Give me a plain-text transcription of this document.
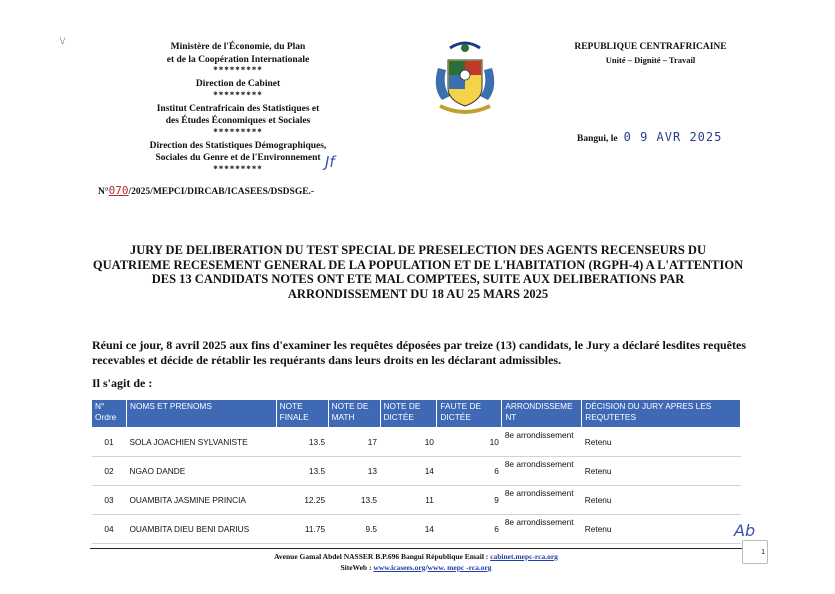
\/
Ministère de l'Économie, du Plan
et de la Coopération Internationale
*********
Direction de Cabinet
*********
Institut Centrafricain des Statistiques et
des Études Économiques et Sociales
*********
Direction des Statistiques Démographiques,
Sociales du Genre et de l'Environnement
*********	Jf
REPUBLIQUE CENTRAFRICAINE
Unité – Dignité – Travail
Bangui, le 0 9 AVR 2025
N°070/2025/MEPCI/DIRCAB/ICASEES/DSDSGE.-
JURY DE DELIBERATION DU TEST SPECIAL DE PRESELECTION DES AGENTS RECENSEURS DU QUATRIEME RECESEMENT GENERAL DE LA POPULATION ET DE L'HABITATION (RGPH-4) A L'ATTENTION DES 13 CANDIDATS NOTES ONT ETE MAL COMPTEES, SUITE AUX DELIBERATIONS PAR ARRONDISSEMENT DU 18 AU 25 MARS 2025
Réuni ce jour, 8 avril 2025 aux fins d'examiner les requêtes déposées par treize (13) candidats, le Jury a déclaré lesdites requêtes recevables et décide de rétablir les requérants dans leurs droits en les déclarant admissibles.
Il s'agit de :
N° Ordre	NOMS ET PRENOMS	NOTE FINALE	NOTE DE MATH	NOTE DE DICTÉE	FAUTE DE DICTÉE	ARRONDISSEME NT	DÉCISION DU JURY APRES LES REQUTETES
01	SOLA JOACHIEN SYLVANISTE	13.5	17	10	10	8e arrondissement	Retenu
02	NGAO DANDE	13.5	13	14	6	8e arrondissement	Retenu
03	OUAMBITA JASMINE PRINCIA	12.25	13.5	11	9	8e arrondissement	Retenu
04	OUAMBITA DIEU BENI DARIUS	11.75	9.5	14	6	8e arrondissement	Retenu	Ab
1
Avenue Gamal Abdel NASSER B.P.696 Bangui République Email : cabinet.mepc-rca.org
SiteWeb : www.icasees.org/www. mepc -rca.org
